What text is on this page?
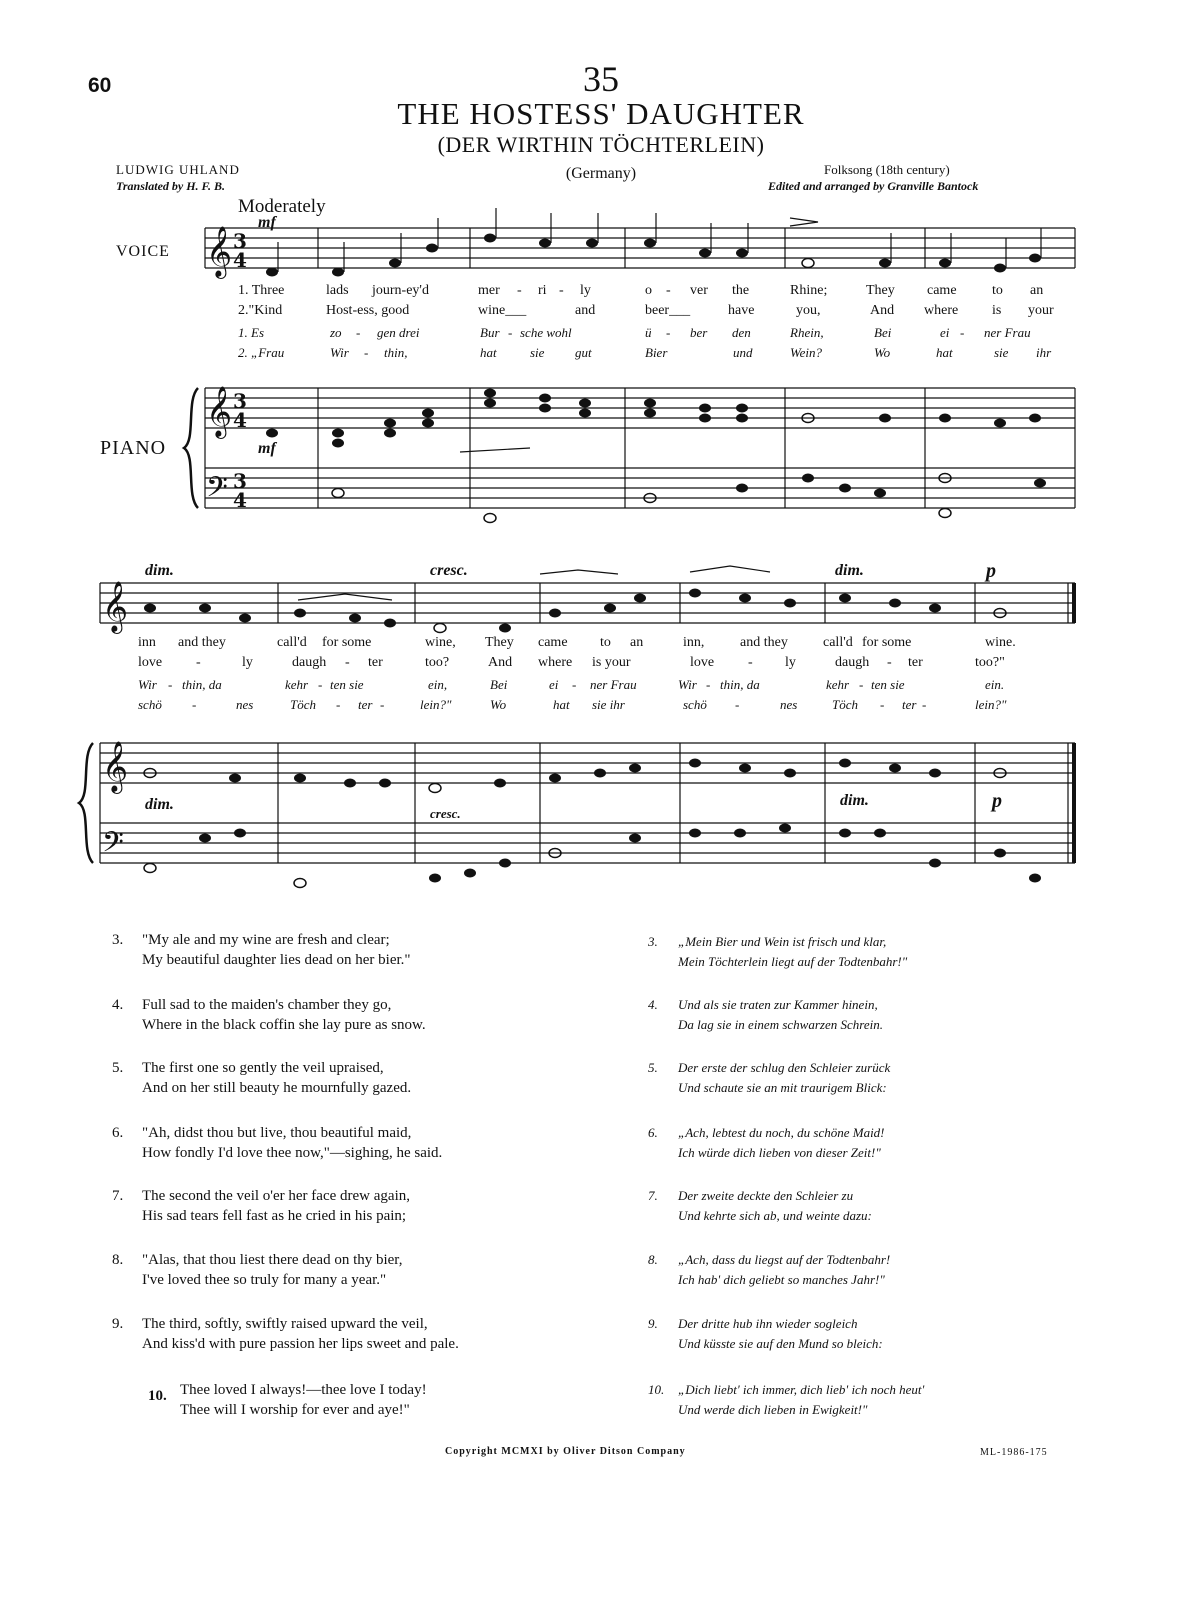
60	35
THE HOSTESS' DAUGHTER
(DER WIRTHIN TÖCHTERLEIN)
(Germany)
LUDWIG UHLAND
Translated by H. F. B.
Folksong (18th century)
Edited and arranged by Granville Bantock
Moderately
VOICE
PIANO
𝄞
𝄞
𝄢
3
4
3
4
3
4
𝄞
𝄞
𝄢
mf
mf
dim.	cresc.	dim.	p
dim.
cresc.
dim.	p
1. Three	lads journ-ey'd	mer - ri - ly	o - ver the	Rhine;	They came	to an
2."Kind	Host-ess, good	wine___	and	beer___	have	you,	And where is your
1. Es	zo - gen drei	Bur - sche wohl	ü - ber den	Rhein,	Bei	ei - ner Frau
2. „Frau	Wir - thin,	hat	sie gut	Bier	und	Wein?	Wo	hat	sie ihr
inn and they	call'd for some	wine, They came to an	inn,	and they	call'd for some	wine.
love -	ly	daugh - ter	too?	And where is your	love - ly	daugh - ter	too?"
Wir - thin, da	kehr - ten sie	ein,	Bei	ei - ner Frau	Wir - thin, da	kehr - ten sie	ein.
schö -	nes	Töch - ter -	lein?"	Wo	hat sie ihr	schö -	nes	Töch - ter -	lein?"
3. "My ale and my wine are fresh and clear;
My beautiful daughter lies dead on her bier."
4. Full sad to the maiden's chamber they go,
Where in the black coffin she lay pure as snow.
5. The first one so gently the veil upraised,
And on her still beauty he mournfully gazed.
6. "Ah, didst thou but live, thou beautiful maid,
How fondly I'd love thee now,"—sighing, he said.
7. The second the veil o'er her face drew again,
His sad tears fell fast as he cried in his pain;
8. "Alas, that thou liest there dead on thy bier,
I've loved thee so truly for many a year."
9. The third, softly, swiftly raised upward the veil,
And kiss'd with pure passion her lips sweet and pale.
10. Thee loved I always!—thee love I today!
Thee will I worship for ever and aye!"
3. „Mein Bier und Wein ist frisch und klar,
Mein Töchterlein liegt auf der Todtenbahr!"
4. Und als sie traten zur Kammer hinein,
Da lag sie in einem schwarzen Schrein.
5. Der erste der schlug den Schleier zurück
Und schaute sie an mit traurigem Blick:
6. „Ach, lebtest du noch, du schöne Maid!
Ich würde dich lieben von dieser Zeit!"
7. Der zweite deckte den Schleier zu
Und kehrte sich ab, und weinte dazu:
8. „Ach, dass du liegst auf der Todtenbahr!
Ich hab' dich geliebt so manches Jahr!"
9. Der dritte hub ihn wieder sogleich
Und küsste sie auf den Mund so bleich:
10. „Dich liebt' ich immer, dich lieb' ich noch heut'
Und werde dich lieben in Ewigkeit!"
Copyright MCMXI by Oliver Ditson Company	ML-1986-175
